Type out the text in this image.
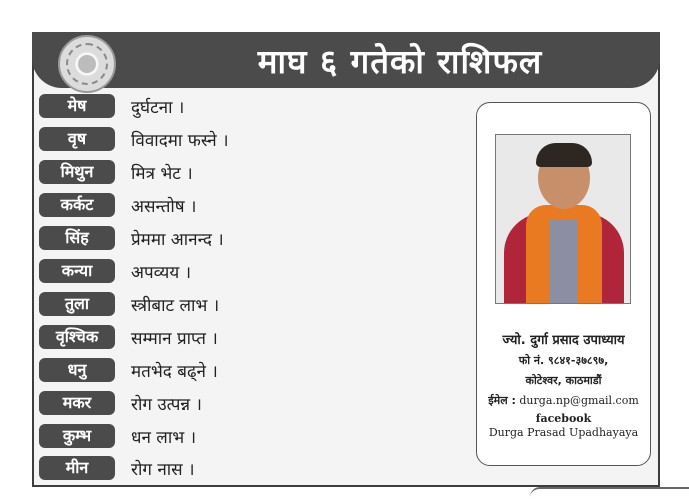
माघ ६ गतेको राशिफल
मेष	दुर्घटना ।
वृष	विवादमा फस्ने ।
मिथुन	मित्र भेट ।
कर्कट	असन्तोष ।
सिंह	प्रेममा आनन्द ।
कन्या	अपव्यय ।
तुला	स्त्रीबाट लाभ ।
वृश्चिक	सम्मान प्राप्त ।
धनु	मतभेद बढ्ने ।
मकर	रोग उत्पन्न ।
कुम्भ	धन लाभ ।
मीन	रोग नास ।
ज्यो. दुर्गा प्रसाद उपाध्याय
फो नं. ९८४१-३७८९७,
कोटेश्वर, काठमाडौं
ईमेल : durga.np@gmail.com
facebook
Durga Prasad Upadhayaya
